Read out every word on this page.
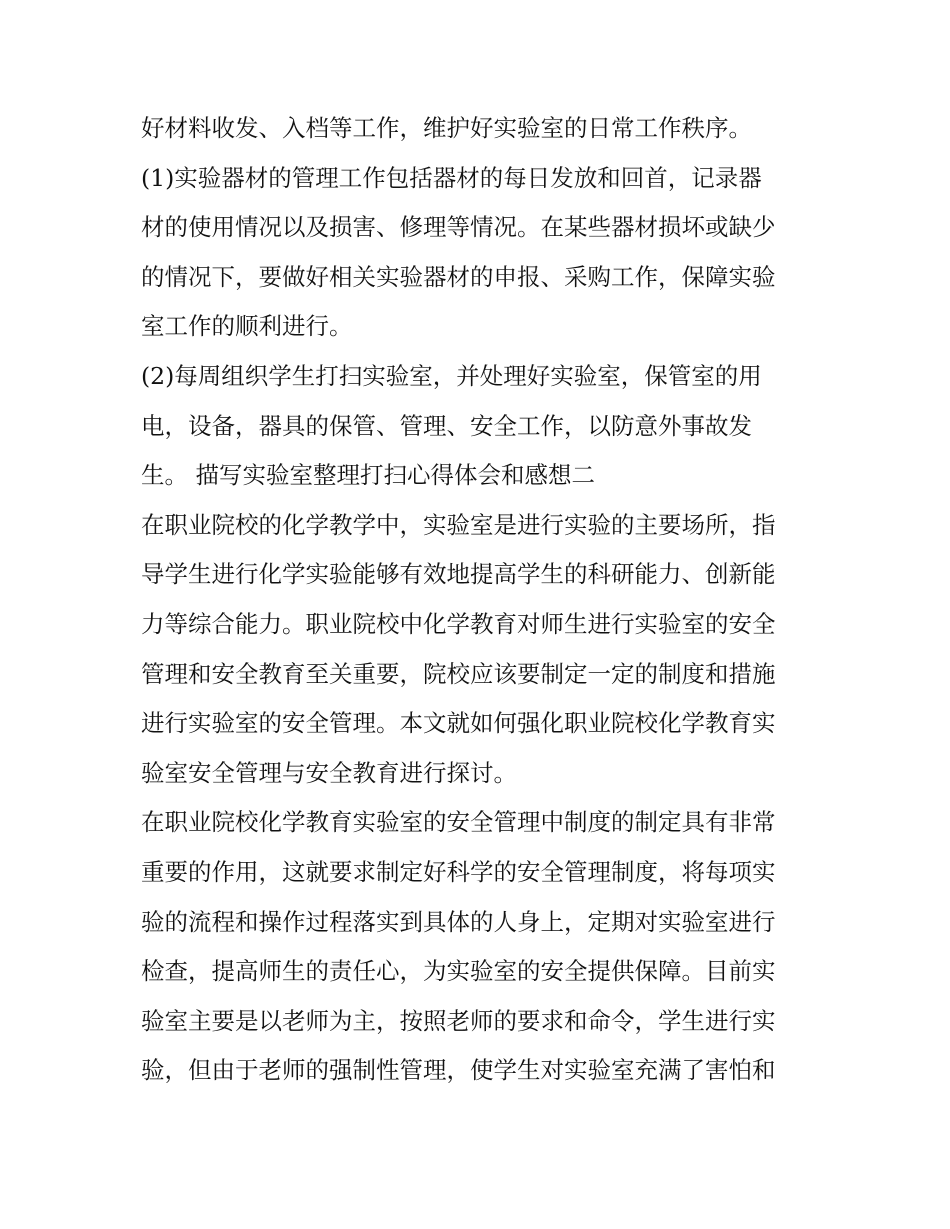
好材料收发、入档等工作，维护好实验室的日常工作秩序。
(1)实验器材的管理工作包括器材的每日发放和回首，记录器
材的使用情况以及损害、修理等情况。在某些器材损坏或缺少
的情况下，要做好相关实验器材的申报、采购工作，保障实验
室工作的顺利进行。
(2)每周组织学生打扫实验室，并处理好实验室，保管室的用
电，设备，器具的保管、管理、安全工作，以防意外事故发
生。 描写实验室整理打扫心得体会和感想二
在职业院校的化学教学中，实验室是进行实验的主要场所，指
导学生进行化学实验能够有效地提高学生的科研能力、创新能
力等综合能力。职业院校中化学教育对师生进行实验室的安全
管理和安全教育至关重要，院校应该要制定一定的制度和措施
进行实验室的安全管理。本文就如何强化职业院校化学教育实
验室安全管理与安全教育进行探讨。
在职业院校化学教育实验室的安全管理中制度的制定具有非常
重要的作用，这就要求制定好科学的安全管理制度，将每项实
验的流程和操作过程落实到具体的人身上，定期对实验室进行
检查，提高师生的责任心，为实验室的安全提供保障。目前实
验室主要是以老师为主，按照老师的要求和命令，学生进行实
验，但由于老师的强制性管理，使学生对实验室充满了害怕和
